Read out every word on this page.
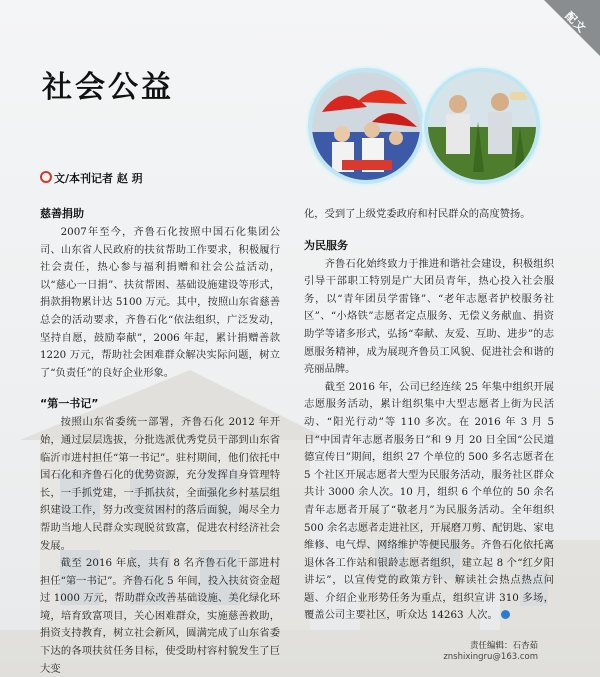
配文
社会公益
文/本刊记者 赵 玥
慈善捐助

2007年至今，齐鲁石化按照中国石化集团公司、山东省人民政府的扶贫帮助工作要求，积极履行社会责任，热心参与福利捐赠和社会公益活动，以“慈心一日捐”、扶贫帮困、基础设施建设等形式，捐款捐物累计达 5100 万元。其中，按照山东省慈善总会的活动要求，齐鲁石化“依法组织，广泛发动，坚持自愿，鼓励奉献”，2006 年起，累计捐赠善款 1220 万元，帮助社会困难群众解决实际问题，树立了“负责任”的良好企业形象。

“第一书记”

按照山东省委统一部署，齐鲁石化 2012 年开始，通过层层选拔，分批选派优秀党员干部到山东省临沂市进村担任“第一书记”。驻村期间，他们依托中国石化和齐鲁石化的优势资源，充分发挥自身管理特长，一手抓党建，一手抓扶贫，全面强化乡村基层组织建设工作，努力改变贫困村的落后面貌，竭尽全力帮助当地人民群众实现脱贫致富，促进农村经济社会发展。

截至 2016 年底，共有 8 名齐鲁石化干部进村担任“第一书记”。齐鲁石化 5 年间，投入扶贫资金超过 1000 万元，帮助群众改善基础设施、美化绿化环境，培育致富项目，关心困难群众，实施慈善救助，捐资支持教育，树立社会新风，圆满完成了山东省委下达的各项扶贫任务目标，使受助村容村貌发生了巨大变

化，受到了上级党委政府和村民群众的高度赞扬。

为民服务

齐鲁石化始终致力于推进和谐社会建设，积极组织引导干部职工特别是广大团员青年，热心投入社会服务，以“青年团员学雷锋”、“老年志愿者护校服务社区”、“小烙铁”志愿者定点服务、无偿义务献血、捐资助学等诸多形式，弘扬“奉献、友爱、互助、进步”的志愿服务精神，成为展现齐鲁员工风貌、促进社会和谐的亮丽品牌。

截至 2016 年，公司已经连续 25 年集中组织开展志愿服务活动，累计组织集中大型志愿者上街为民活动、“阳光行动”等 110 多次。在 2016 年 3 月 5 日“中国青年志愿者服务日”和 9 月 20 日全国“公民道德宣传日”期间，组织 27 个单位的 500 多名志愿者在 5 个社区开展志愿者大型为民服务活动，服务社区群众共计 3000 余人次。10 月，组织 6 个单位的 50 余名青年志愿者开展了“敬老月”为民服务活动。全年组织 500 余名志愿者走进社区，开展磨刀剪、配钥匙、家电维修、电气焊、网络维护等便民服务。齐鲁石化依托离退休各工作站和银龄志愿者组织，建立起 8 个“红夕阳讲坛”，以宣传党的政策方针、解读社会热点热点问题、介绍企业形势任务为重点，组织宣讲 310 多场，覆盖公司主要社区，听众达 14263 人次。

责任编辑：石杏茹
znshixingru@163.com
